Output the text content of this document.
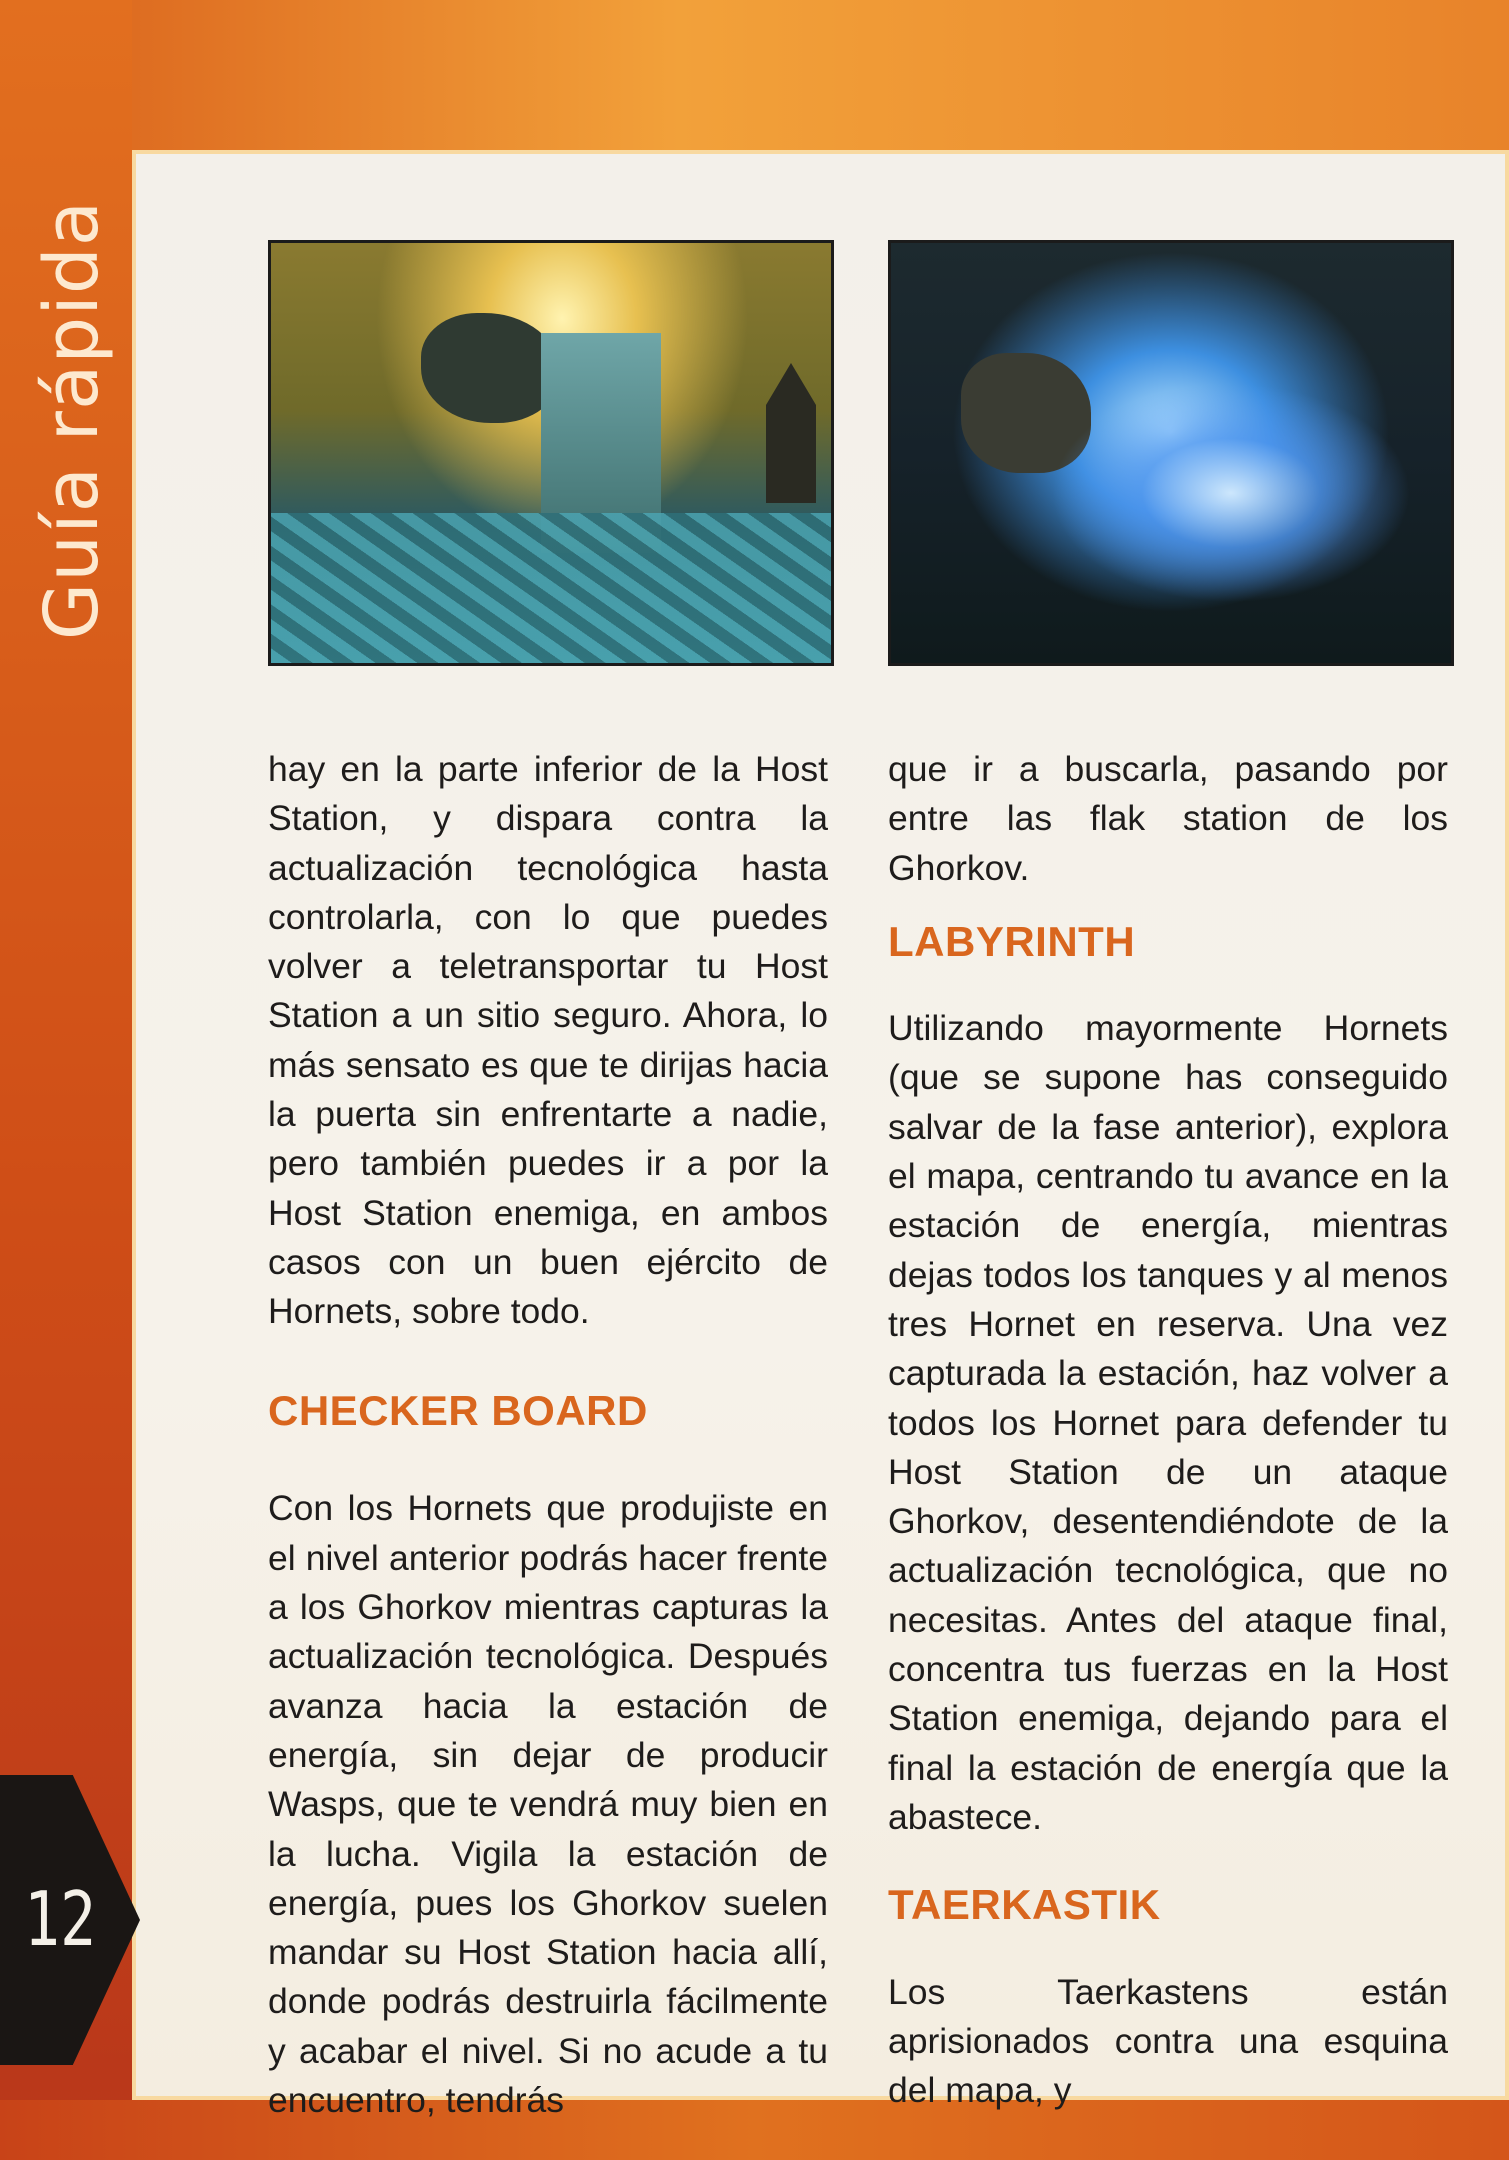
Guía rápida
12

hay en la parte inferior de la Host Station, y dispara contra la actualización tecnológica hasta controlarla, con lo que puedes volver a teletransportar tu Host Station a un sitio seguro. Ahora, lo más sensato es que te dirijas hacia la puerta sin enfrentarte a nadie, pero también puedes ir a por la Host Station enemiga, en ambos casos con un buen ejército de Hornets, sobre todo.

CHECKER BOARD

Con los Hornets que produjiste en el nivel anterior podrás hacer frente a los Ghorkov mientras capturas la actualización tecnológica. Después avanza hacia la estación de energía, sin dejar de producir Wasps, que te vendrá muy bien en la lucha. Vigila la estación de energía, pues los Ghorkov suelen mandar su Host Station hacia allí, donde podrás destruirla fácilmente y acabar el nivel. Si no acude a tu encuentro, tendrás

que ir a buscarla, pasando por entre las flak station de los Ghorkov.

LABYRINTH

Utilizando mayormente Hornets (que se supone has conseguido salvar de la fase anterior), explora el mapa, centrando tu avance en la estación de energía, mientras dejas todos los tanques y al menos tres Hornet en reserva. Una vez capturada la estación, haz volver a todos los Hornet para defender tu Host Station de un ataque Ghorkov, desentendiéndote de la actualización tecnológica, que no necesitas. Antes del ataque final, concentra tus fuerzas en la Host Station enemiga, dejando para el final la estación de energía que la abastece.

TAERKASTIK

Los Taerkastens están aprisionados contra una esquina del mapa, y
